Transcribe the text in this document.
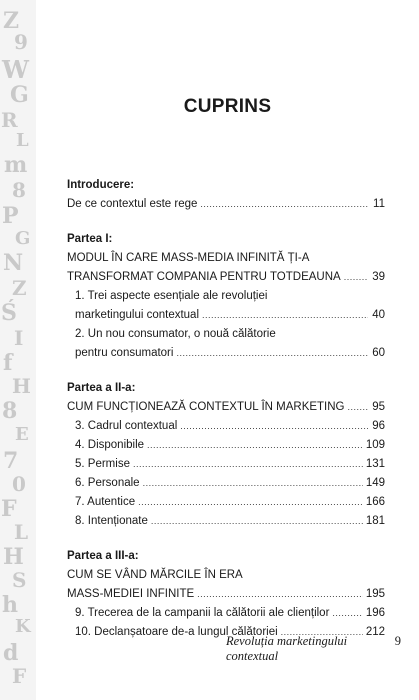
Z
9
W
G
R
L
m
8
P
G
N
Z
Ś
I
f
H
8
E
7
0
F
L
H
S
h
K
d
F
CUPRINS
Introducere:
De ce contextul este rege .....	11
Partea I:
MODUL ÎN CARE MASS-MEDIA INFINITĂ ȚI-A
TRANSFORMAT COMPANIA PENTRU TOTDEAUNA .....	39
1. Trei aspecte esențiale ale revoluției
marketingului contextual .....	40
2. Un nou consumator, o nouă călătorie
pentru consumatori .....	60
Partea a II-a:
CUM FUNCȚIONEAZĂ CONTEXTUL ÎN MARKETING ..... 95
3. Cadrul contextual .....	96
4. Disponibile .....	109
5. Permise .....	131
6. Personale .....	149
7. Autentice .....	166
8. Intenționate .....	181
Partea a III-a:
CUM SE VÂND MĂRCILE ÎN ERA
MASS-MEDIEI INFINITE .....	195
9. Trecerea de la campanii la călătorii ale clienților .....	196
10. Declanșatoare de-a lungul călătoriei .....	212
Revoluția marketingului contextual
9
